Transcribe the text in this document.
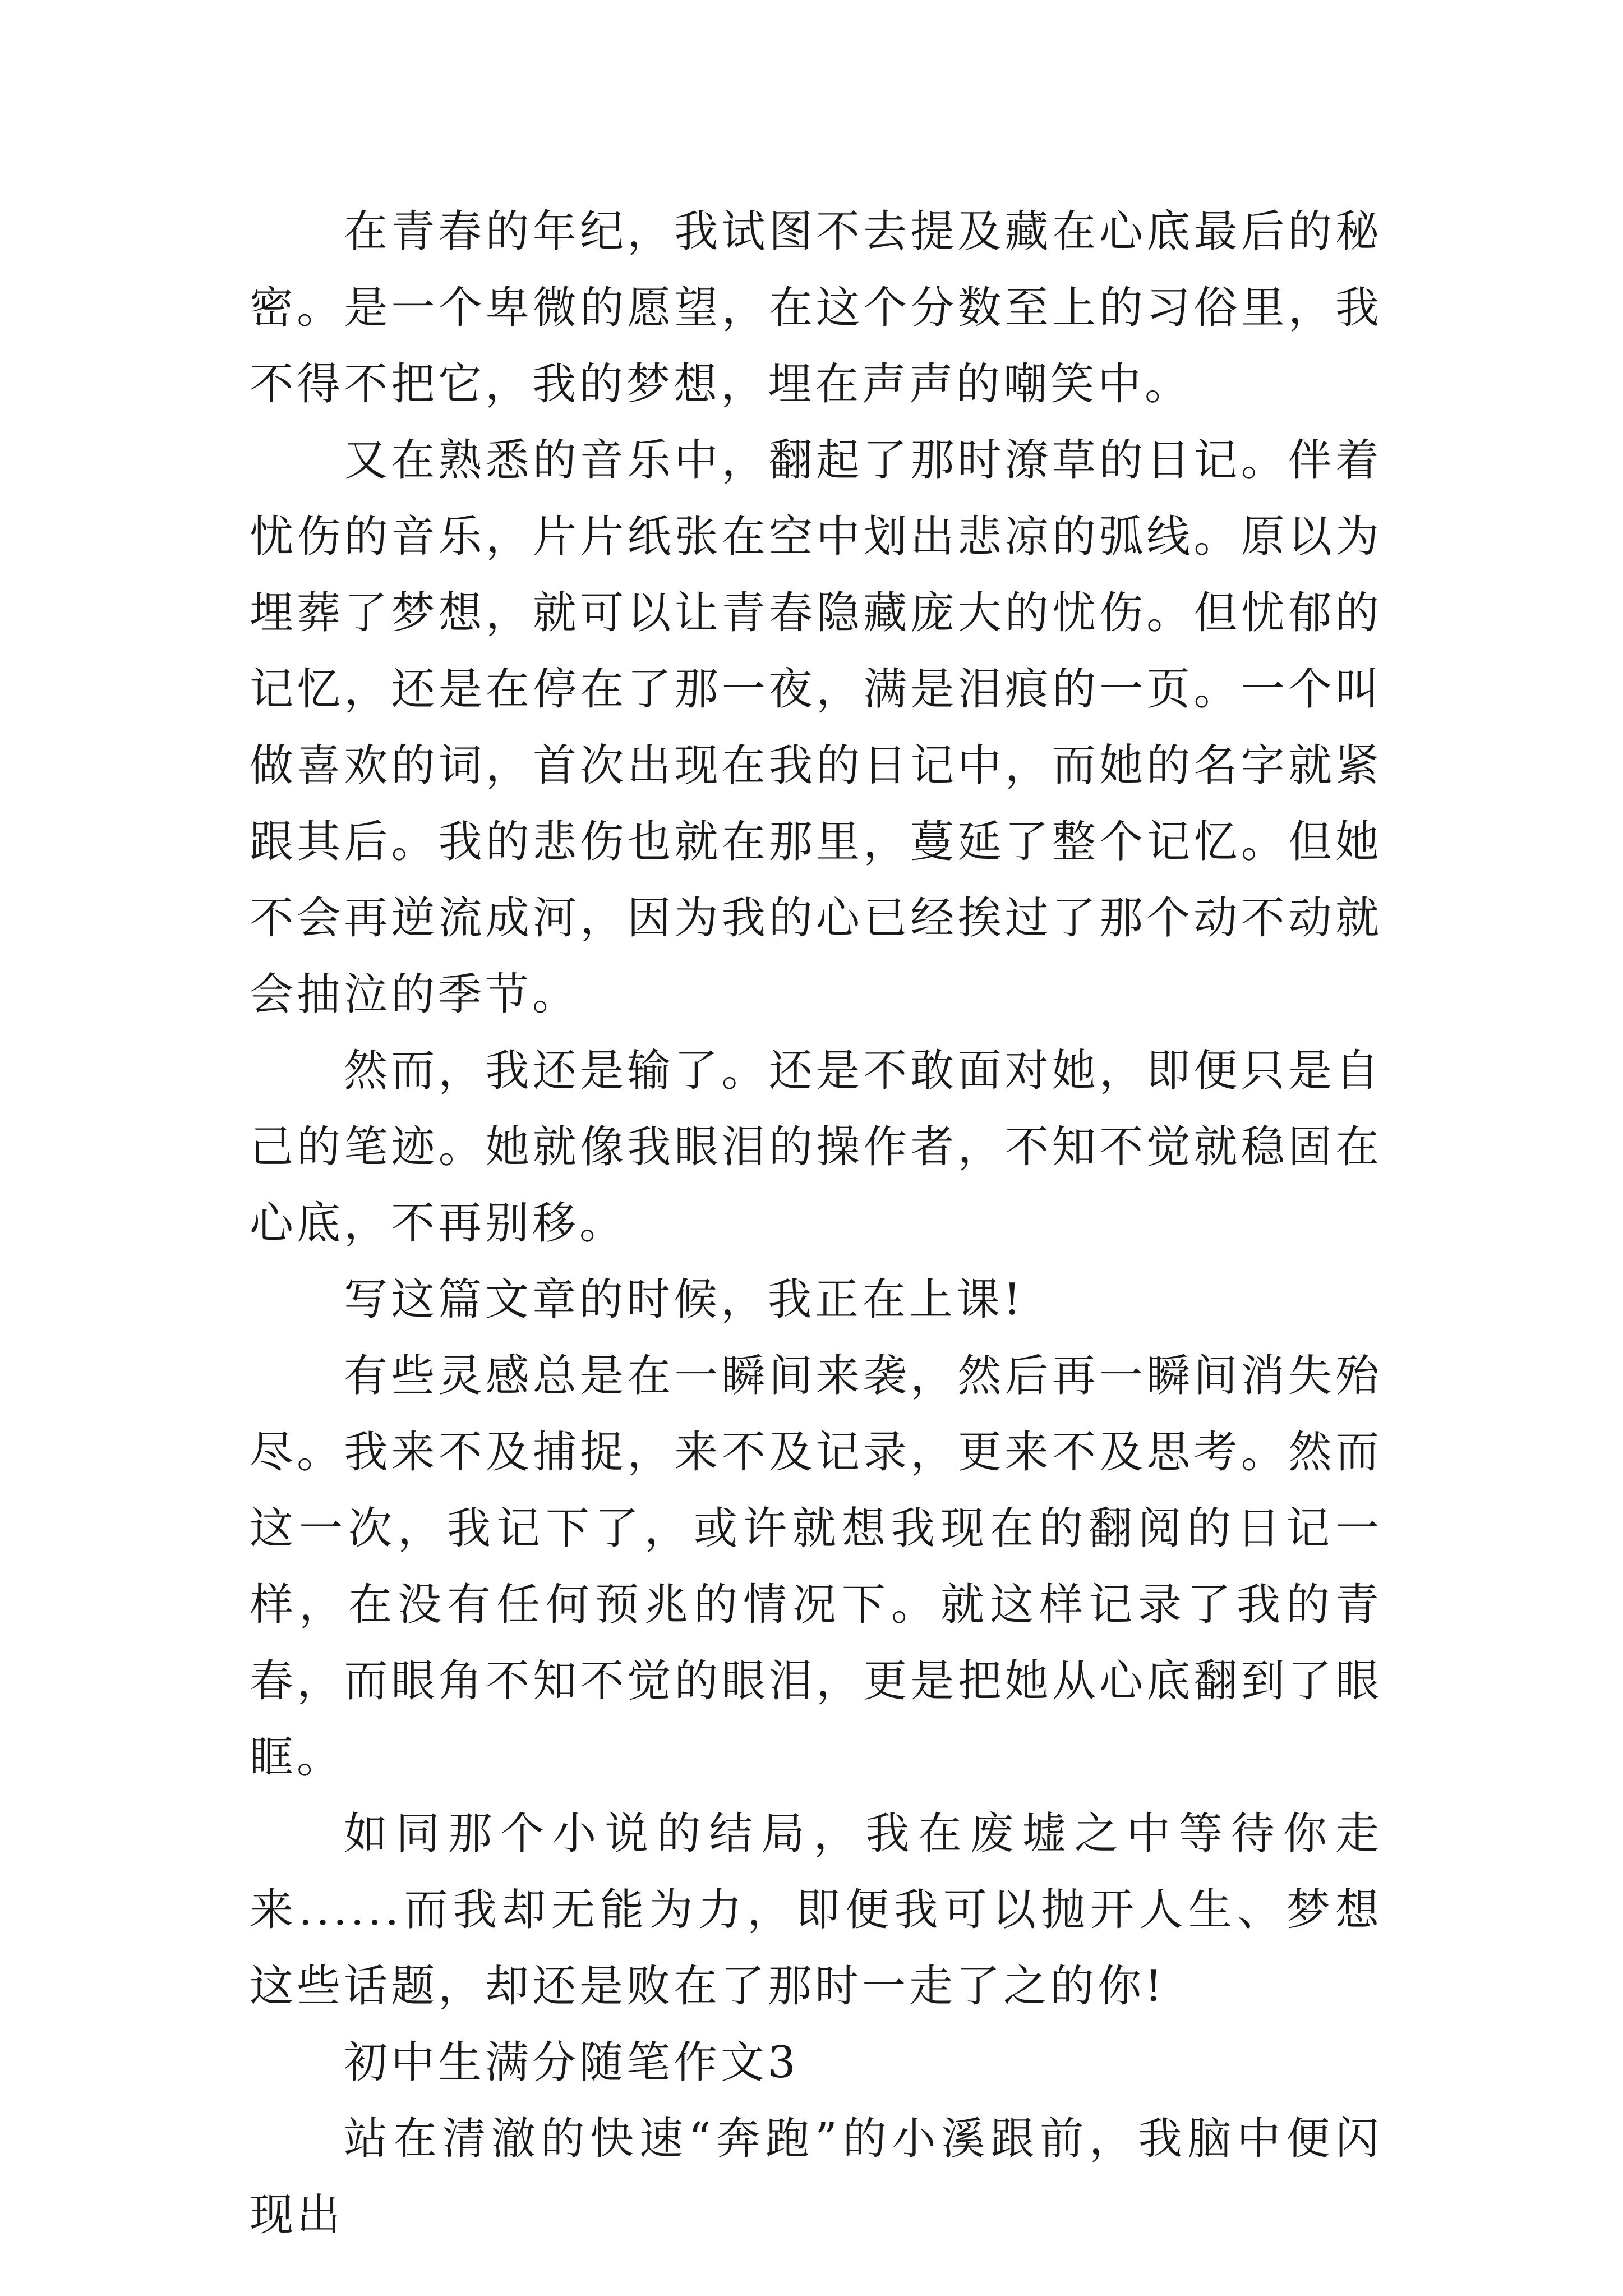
在青春的年纪，我试图不去提及藏在心底最后的秘密。是一个卑微的愿望，在这个分数至上的习俗里，我不得不把它，我的梦想，埋在声声的嘲笑中。

又在熟悉的音乐中，翻起了那时潦草的日记。伴着忧伤的音乐，片片纸张在空中划出悲凉的弧线。原以为埋葬了梦想，就可以让青春隐藏庞大的忧伤。但忧郁的记忆，还是在停在了那一夜，满是泪痕的一页。一个叫做喜欢的词，首次出现在我的日记中，而她的名字就紧跟其后。我的悲伤也就在那里，蔓延了整个记忆。但她不会再逆流成河，因为我的心已经挨过了那个动不动就会抽泣的季节。

然而，我还是输了。还是不敢面对她，即便只是自己的笔迹。她就像我眼泪的操作者，不知不觉就稳固在心底，不再别移。

写这篇文章的时候，我正在上课!

有些灵感总是在一瞬间来袭，然后再一瞬间消失殆尽。我来不及捕捉，来不及记录，更来不及思考。然而这一次，我记下了，或许就想我现在的翻阅的日记一样，在没有任何预兆的情况下。就这样记录了我的青春，而眼角不知不觉的眼泪，更是把她从心底翻到了眼眶。

如同那个小说的结局，我在废墟之中等待你走来......而我却无能为力，即便我可以抛开人生、梦想这些话题，却还是败在了那时一走了之的你!

初中生满分随笔作文3

站在清澈的快速“奔跑”的小溪跟前，我脑中便闪现出
